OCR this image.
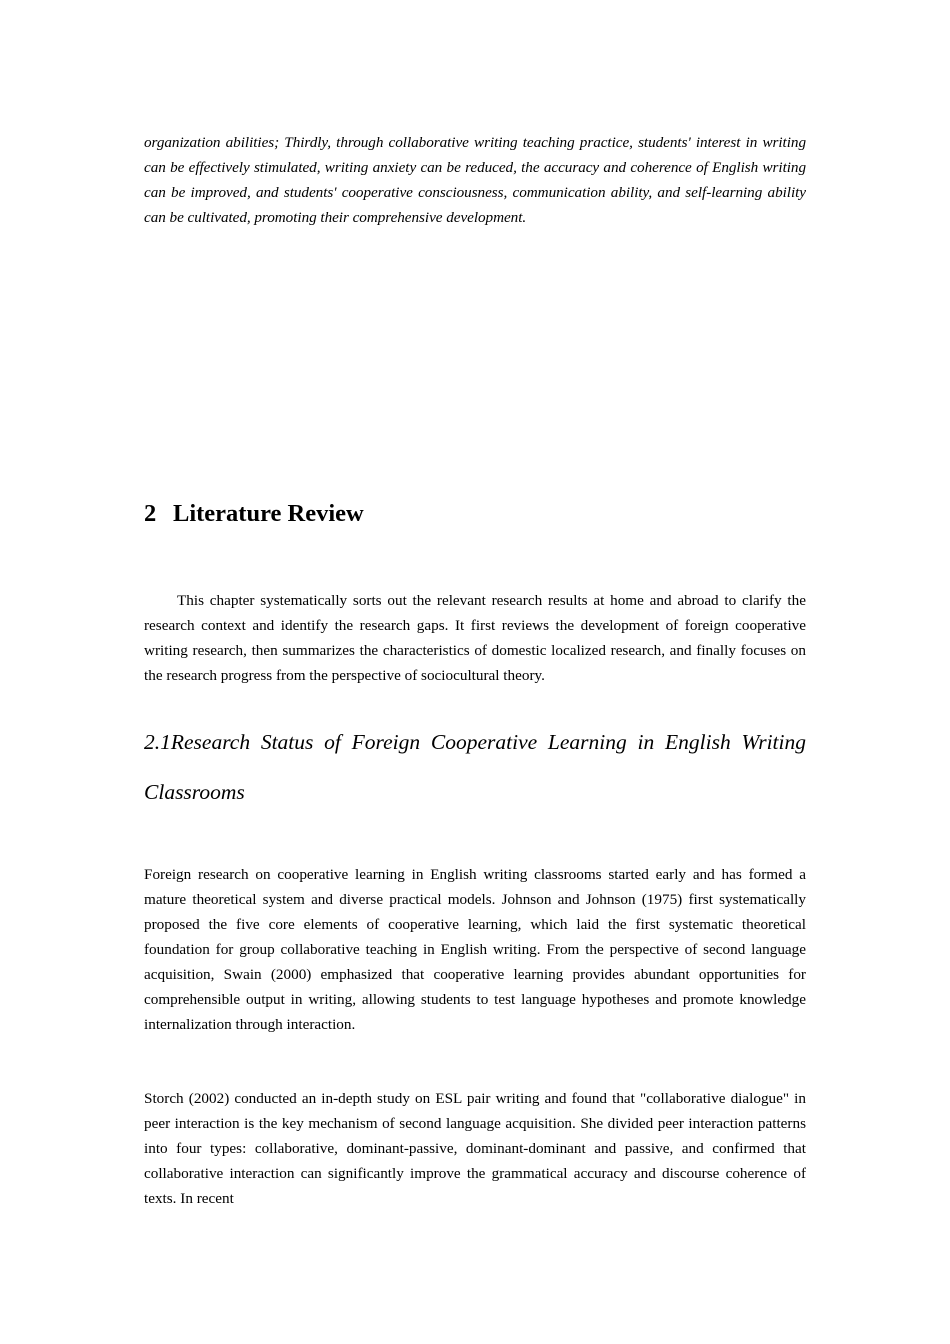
organization abilities; Thirdly, through collaborative writing teaching practice, students' interest in writing can be effectively stimulated, writing anxiety can be reduced, the accuracy and coherence of English writing can be improved, and students' cooperative consciousness, communication ability, and self-learning ability can be cultivated, promoting their comprehensive development.

2 Literature Review

This chapter systematically sorts out the relevant research results at home and abroad to clarify the research context and identify the research gaps. It first reviews the development of foreign cooperative writing research, then summarizes the characteristics of domestic localized research, and finally focuses on the research progress from the perspective of sociocultural theory.

2.1Research Status of Foreign Cooperative Learning in English Writing Classrooms

Foreign research on cooperative learning in English writing classrooms started early and has formed a mature theoretical system and diverse practical models. Johnson and Johnson (1975) first systematically proposed the five core elements of cooperative learning, which laid the first systematic theoretical foundation for group collaborative teaching in English writing. From the perspective of second language acquisition, Swain (2000) emphasized that cooperative learning provides abundant opportunities for comprehensible output in writing, allowing students to test language hypotheses and promote knowledge internalization through interaction.

Storch (2002) conducted an in-depth study on ESL pair writing and found that "collaborative dialogue" in peer interaction is the key mechanism of second language acquisition. She divided peer interaction patterns into four types: collaborative, dominant-passive, dominant-dominant and passive, and confirmed that collaborative interaction can significantly improve the grammatical accuracy and discourse coherence of texts. In recent
